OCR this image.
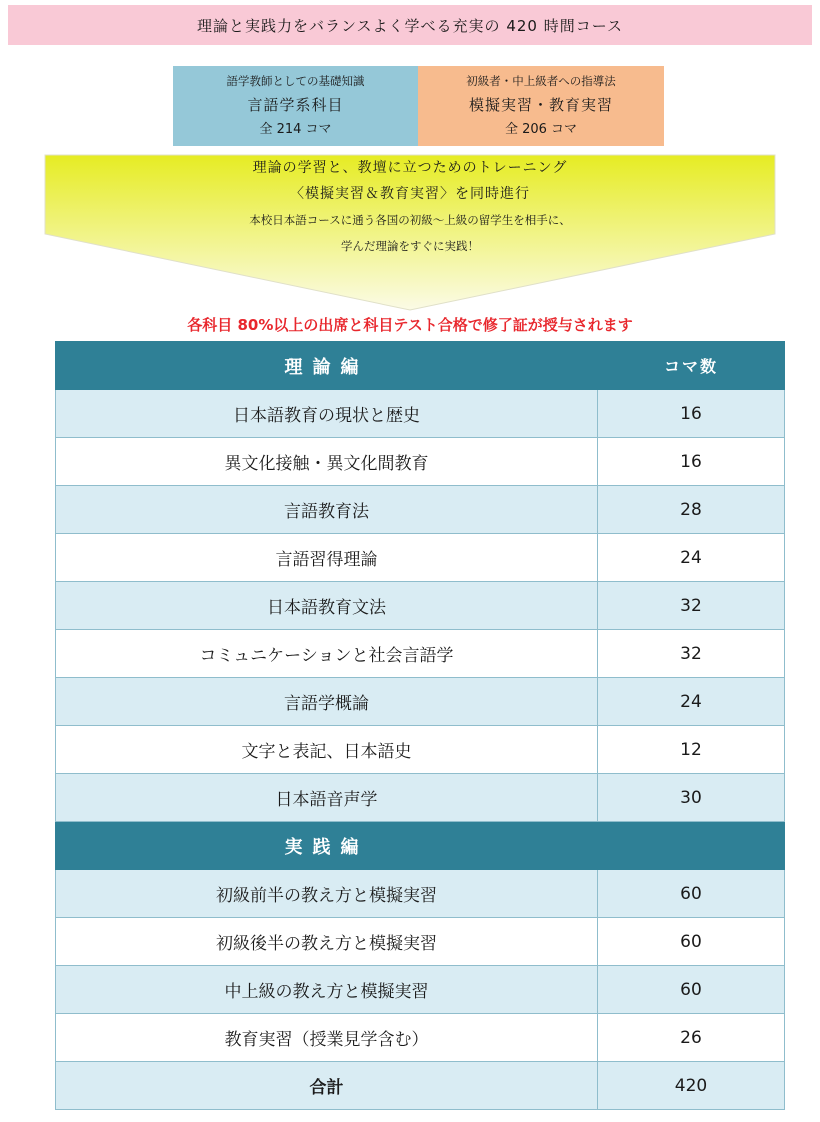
理論と実践力をバランスよく学べる充実の 420 時間コース
語学教師としての基礎知識
言語学系科目
全 214 コマ
初級者・中上級者への指導法
模擬実習・教育実習
全 206 コマ
理論の学習と、教壇に立つためのトレーニング
〈模擬実習＆教育実習〉を同時進行
本校日本語コースに通う各国の初級〜上級の留学生を相手に、
学んだ理論をすぐに実践！
各科目 80%以上の出席と科目テスト合格で修了証が授与されます
理論編	コマ数
日本語教育の現状と歴史	16
異文化接触・異文化間教育	16
言語教育法	28
言語習得理論	24
日本語教育文法	32
コミュニケーションと社会言語学	32
言語学概論	24
文字と表記、日本語史	12
日本語音声学	30
実践編	
初級前半の教え方と模擬実習	60
初級後半の教え方と模擬実習	60
中上級の教え方と模擬実習	60
教育実習（授業見学含む）	26
合計	420
